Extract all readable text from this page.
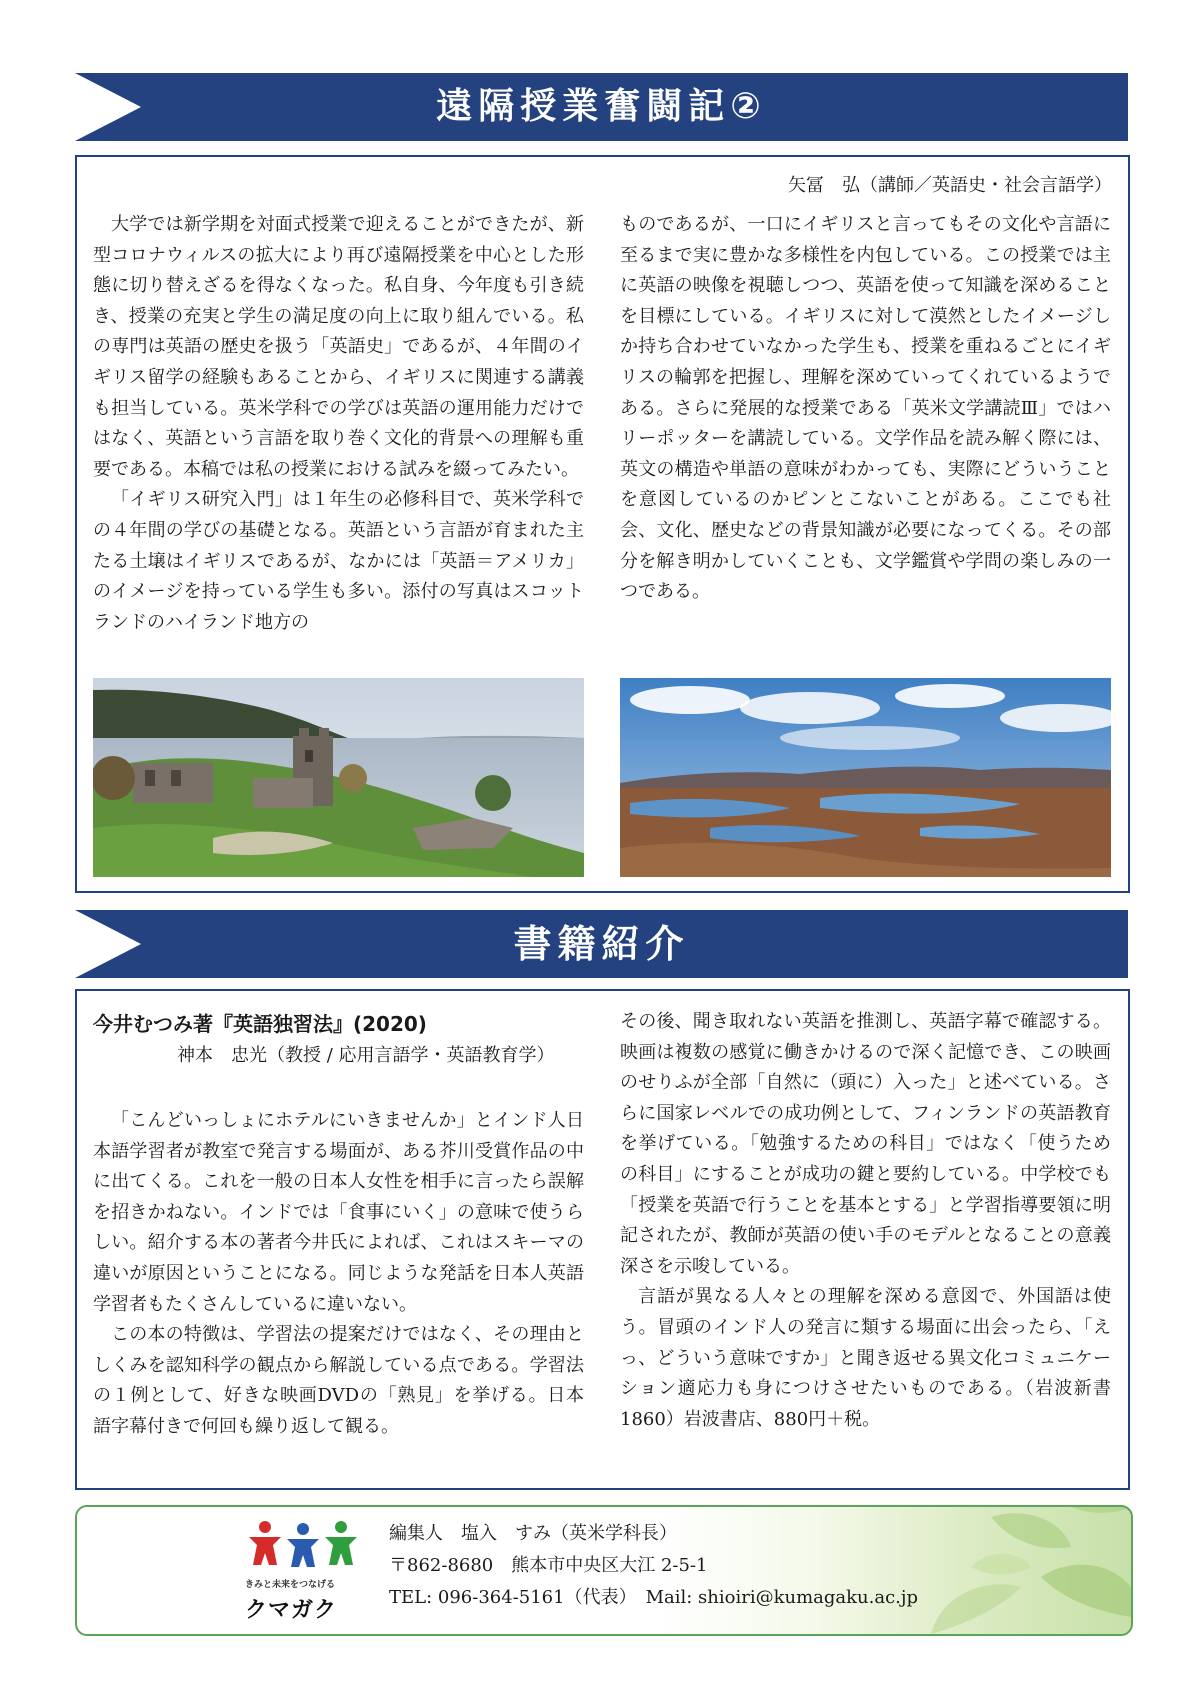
遠隔授業奮闘記②
矢冨　弘（講師／英語史・社会言語学）

大学では新学期を対面式授業で迎えることができたが、新型コロナウィルスの拡大により再び遠隔授業を中心とした形態に切り替えざるを得なくなった。私自身、今年度も引き続き、授業の充実と学生の満足度の向上に取り組んでいる。私の専門は英語の歴史を扱う「英語史」であるが、４年間のイギリス留学の経験もあることから、イギリスに関連する講義も担当している。英米学科での学びは英語の運用能力だけではなく、英語という言語を取り巻く文化的背景への理解も重要である。本稿では私の授業における試みを綴ってみたい。

「イギリス研究入門」は１年生の必修科目で、英米学科での４年間の学びの基礎となる。英語という言語が育まれた主たる土壌はイギリスであるが、なかには「英語＝アメリカ」のイメージを持っている学生も多い。添付の写真はスコットランドのハイランド地方の

ものであるが、一口にイギリスと言ってもその文化や言語に至るまで実に豊かな多様性を内包している。この授業では主に英語の映像を視聴しつつ、英語を使って知識を深めることを目標にしている。イギリスに対して漠然としたイメージしか持ち合わせていなかった学生も、授業を重ねるごとにイギリスの輪郭を把握し、理解を深めていってくれているようである。さらに発展的な授業である「英米文学講読Ⅲ」ではハリーポッターを講読している。文学作品を読み解く際には、英文の構造や単語の意味がわかっても、実際にどういうことを意図しているのかピンとこないことがある。ここでも社会、文化、歴史などの背景知識が必要になってくる。その部分を解き明かしていくことも、文学鑑賞や学問の楽しみの一つである。

書籍紹介
今井むつみ著『英語独習法』(2020)
神本　忠光（教授 / 応用言語学・英語教育学）

「こんどいっしょにホテルにいきませんか」とインド人日本語学習者が教室で発言する場面が、ある芥川受賞作品の中に出てくる。これを一般の日本人女性を相手に言ったら誤解を招きかねない。インドでは「食事にいく」の意味で使うらしい。紹介する本の著者今井氏によれば、これはスキーマの違いが原因ということになる。同じような発話を日本人英語学習者もたくさんしているに違いない。

この本の特徴は、学習法の提案だけではなく、その理由としくみを認知科学の観点から解説している点である。学習法の１例として、好きな映画DVDの「熟見」を挙げる。日本語字幕付きで何回も繰り返して観る。

その後、聞き取れない英語を推測し、英語字幕で確認する。映画は複数の感覚に働きかけるので深く記憶でき、この映画のせりふが全部「自然に（頭に）入った」と述べている。さらに国家レベルでの成功例として、フィンランドの英語教育を挙げている。「勉強するための科目」ではなく「使うための科目」にすることが成功の鍵と要約している。中学校でも「授業を英語で行うことを基本とする」と学習指導要領に明記されたが、教師が英語の使い手のモデルとなることの意義深さを示唆している。

言語が異なる人々との理解を深める意図で、外国語は使う。冒頭のインド人の発言に類する場面に出会ったら、「えっ、どういう意味ですか」と聞き返せる異文化コミュニケーション適応力も身につけさせたいものである。（岩波新書 1860）岩波書店、880円＋税。

きみと未来をつなげる
クマガク
編集人　塩入　すみ（英米学科長）
〒862-8680　熊本市中央区大江 2-5-1
TEL: 096-364-5161（代表）　Mail: shioiri@kumagaku.ac.jp
